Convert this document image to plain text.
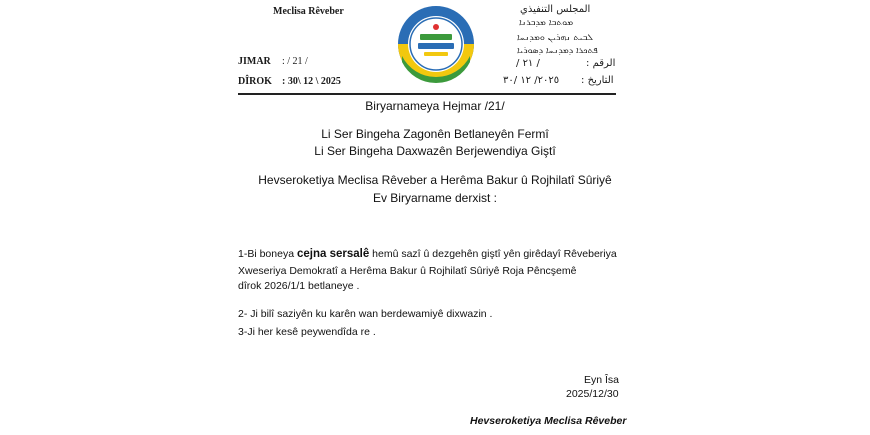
Meclisa Rêveber
JIMAR : / 21 /
DÎROK : 30\ 12 \ 2025
المجلس التنفيذي
ܡܘܬܒܐ ܡܕܒܪܢܐ
ܠܒܝܬ ܢܗܪܝܢ ܘܡܕܢܚܐ
ܦܬܟܪܐ ܕܡܕܢܚܐ ܕܣܘܪܝܐ
: الرقم
/ ٢١ /
: التاريخ
٢٠٢٥/ ١٢ /٣٠
Biryarnameya Hejmar /21/
Li Ser Bingeha Zagonên Betlaneyên Fermî
Li Ser Bingeha Daxwazên Berjewendiya Giştî
Hevseroketiya Meclisa Rêveber a Herêma Bakur û Rojhilatî Sûriyê
Ev Biryarname derxist :
1-Bi boneya cejna sersalê hemû sazî û dezgehên giştî yên girêdayî Rêveberiya
Xweseriya Demokratî a Herêma Bakur û Rojhilatî Sûriyê Roja Pêncşemê
dîrok 2026/1/1 betlaneye .
2- Ji bilî saziyên ku karên wan berdewamiyê dixwazin .
3-Ji her kesê peywendîda re .
Eyn Îsa
2025/12/30
Hevseroketiya Meclisa Rêveber
